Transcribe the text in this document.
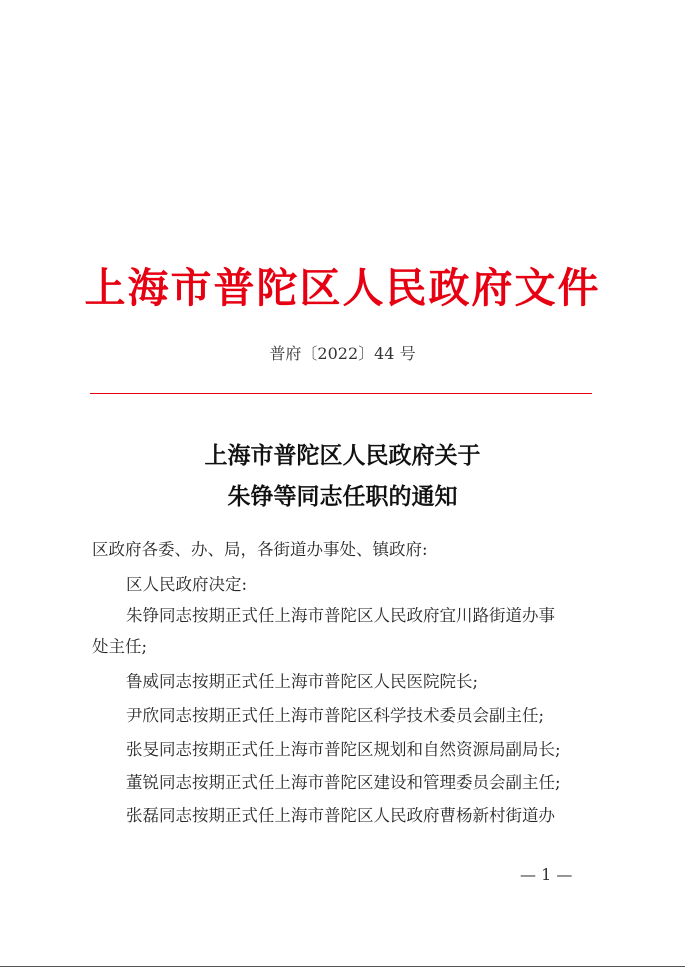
上海市普陀区人民政府文件
普府〔2022〕44 号
上海市普陀区人民政府关于
朱铮等同志任职的通知
区政府各委、办、局，各街道办事处、镇政府:
区人民政府决定:
朱铮同志按期正式任上海市普陀区人民政府宜川路街道办事
处主任;
鲁威同志按期正式任上海市普陀区人民医院院长;
尹欣同志按期正式任上海市普陀区科学技术委员会副主任;
张旻同志按期正式任上海市普陀区规划和自然资源局副局长;
董锐同志按期正式任上海市普陀区建设和管理委员会副主任;
张磊同志按期正式任上海市普陀区人民政府曹杨新村街道办
— 1 —
